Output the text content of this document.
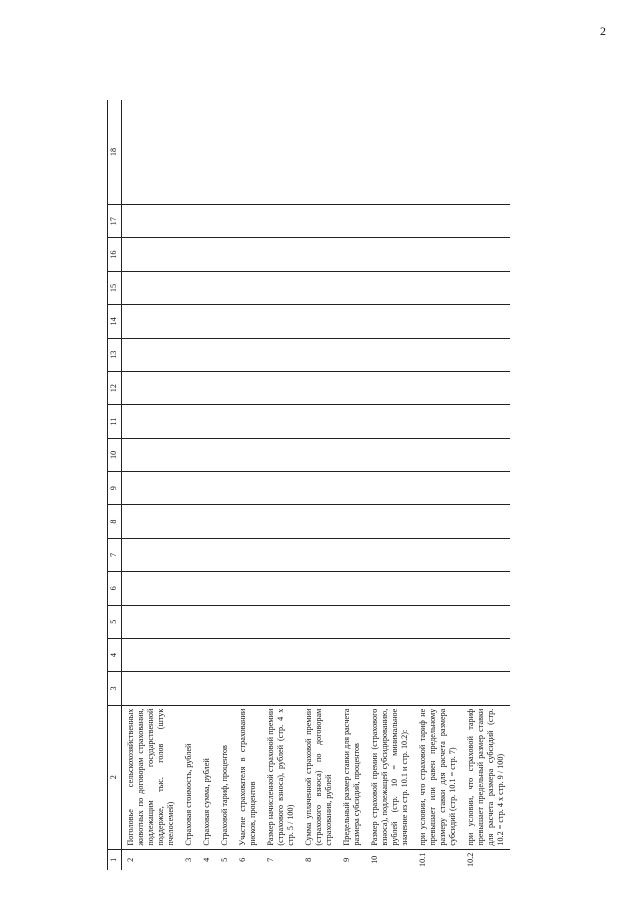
2
1	2	3	4	5	6	7	8	9	10	11	12	13	14	15	16	17	18
2	Поголовье сельскохозяйственных животных по договорам страхования, подлежащим государственной поддержке, тыс. голов (штук пчелосемей)																
3	Страховая стоимость, рублей																
4	Страховая сумма, рублей																
5	Страховой тариф, процентов																
6	Участие страхователя в страховании рисков, процентов																
7	Размер начисленной страховой премии (страхового взноса), рублей (стр. 4 x стр. 5 / 100)																
8	Сумма уплаченной страховой премии (страхового взноса) по договорам страхования, рублей																
9	Предельный размер ставки для расчета размера субсидий, процентов																
10	Размер страховой премии (страхового взноса), подлежащей субсидированию, рублей (стр. 10 = минимальное значение из стр. 10.1 и стр. 10.2):																
10.1	при условии, что страховой тариф не превышает или равен предельному размеру ставки для расчета размера субсидий (стр. 10.1 = стр. 7)																
10.2	при условии, что страховой тариф превышает предельный размер ставки для расчета размера субсидий (стр. 10.2 = стр. 4 x стр. 9 / 100)																
